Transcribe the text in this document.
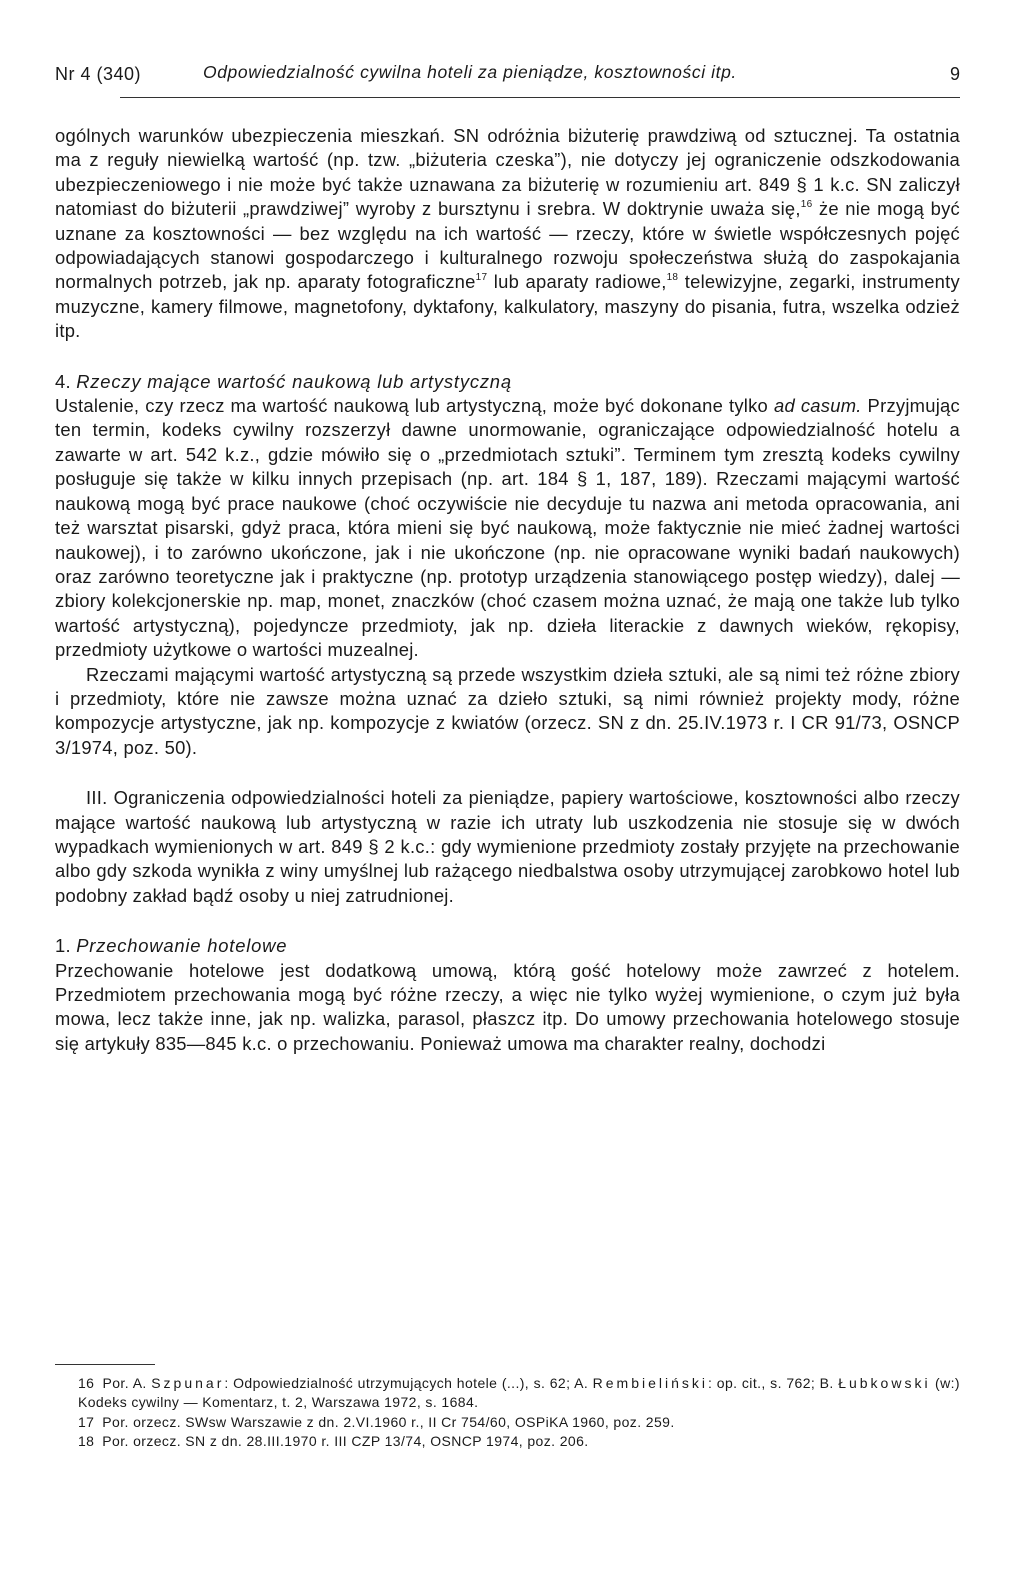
Nr 4 (340)	Odpowiedzialność cywilna hoteli za pieniądze, kosztowności itp.	9

ogólnych warunków ubezpieczenia mieszkań. SN odróżnia biżuterię prawdziwą od sztucznej. Ta ostatnia ma z reguły niewielką wartość (np. tzw. „biżuteria czeska”), nie dotyczy jej ograniczenie odszkodowania ubezpieczeniowego i nie może być także uznawana za biżuterię w rozumieniu art. 849 § 1 k.c. SN zaliczył natomiast do biżuterii „prawdziwej” wyroby z bursztynu i srebra. W doktrynie uważa się,$^{16}$ że nie mogą być uznane za kosztowności — bez względu na ich wartość — rzeczy, które w świetle współczesnych pojęć odpowiadających stanowi gospodarczego i kulturalnego rozwoju społeczeństwa służą do zaspokajania normalnych potrzeb, jak np. aparaty fotograficzne$^{17}$ lub aparaty radiowe,$^{18}$ telewizyjne, zegarki, instrumenty muzyczne, kamery filmowe, magnetofony, dyktafony, kalkulatory, maszyny do pisania, futra, wszelka odzież itp.

4. Rzeczy mające wartość naukową lub artystyczną

Ustalenie, czy rzecz ma wartość naukową lub artystyczną, może być dokonane tylko ad casum. Przyjmując ten termin, kodeks cywilny rozszerzył dawne unormowanie, ograniczające odpowiedzialność hotelu a zawarte w art. 542 k.z., gdzie mówiło się o „przedmiotach sztuki”. Terminem tym zresztą kodeks cywilny posługuje się także w kilku innych przepisach (np. art. 184 § 1, 187, 189). Rzeczami mającymi wartość naukową mogą być prace naukowe (choć oczywiście nie decyduje tu nazwa ani metoda opracowania, ani też warsztat pisarski, gdyż praca, która mieni się być naukową, może faktycznie nie mieć żadnej wartości naukowej), i to zarówno ukończone, jak i nie ukończone (np. nie opracowane wyniki badań naukowych) oraz zarówno teoretyczne jak i praktyczne (np. prototyp urządzenia stanowiącego postęp wiedzy), dalej — zbiory kolekcjonerskie np. map, monet, znaczków (choć czasem można uznać, że mają one także lub tylko wartość artystyczną), pojedyncze przedmioty, jak np. dzieła literackie z dawnych wieków, rękopisy, przedmioty użytkowe o wartości muzealnej.

Rzeczami mającymi wartość artystyczną są przede wszystkim dzieła sztuki, ale są nimi też różne zbiory i przedmioty, które nie zawsze można uznać za dzieło sztuki, są nimi również projekty mody, różne kompozycje artystyczne, jak np. kompozycje z kwiatów (orzecz. SN z dn. 25.IV.1973 r. I CR 91/73, OSNCP 3/1974, poz. 50).

III. Ograniczenia odpowiedzialności hoteli za pieniądze, papiery wartościowe, kosztowności albo rzeczy mające wartość naukową lub artystyczną w razie ich utraty lub uszkodzenia nie stosuje się w dwóch wypadkach wymienionych w art. 849 § 2 k.c.: gdy wymienione przedmioty zostały przyjęte na przechowanie albo gdy szkoda wynikła z winy umyślnej lub rażącego niedbalstwa osoby utrzymującej zarobkowo hotel lub podobny zakład bądź osoby u niej zatrudnionej.

1. Przechowanie hotelowe

Przechowanie hotelowe jest dodatkową umową, którą gość hotelowy może zawrzeć z hotelem. Przedmiotem przechowania mogą być różne rzeczy, a więc nie tylko wyżej wymienione, o czym już była mowa, lecz także inne, jak np. walizka, parasol, płaszcz itp. Do umowy przechowania hotelowego stosuje się artykuły 835—845 k.c. o przechowaniu. Ponieważ umowa ma charakter realny, dochodzi

16 Por. A. Szpunar: Odpowiedzialność utrzymujących hotele (...), s. 62; A. Rembieliński: op. cit., s. 762; B. Łubkowski (w:) Kodeks cywilny — Komentarz, t. 2, Warszawa 1972, s. 1684.

17 Por. orzecz. SWsw Warszawie z dn. 2.VI.1960 r., II Cr 754/60, OSPiKA 1960, poz. 259.

18 Por. orzecz. SN z dn. 28.III.1970 r. III CZP 13/74, OSNCP 1974, poz. 206.
